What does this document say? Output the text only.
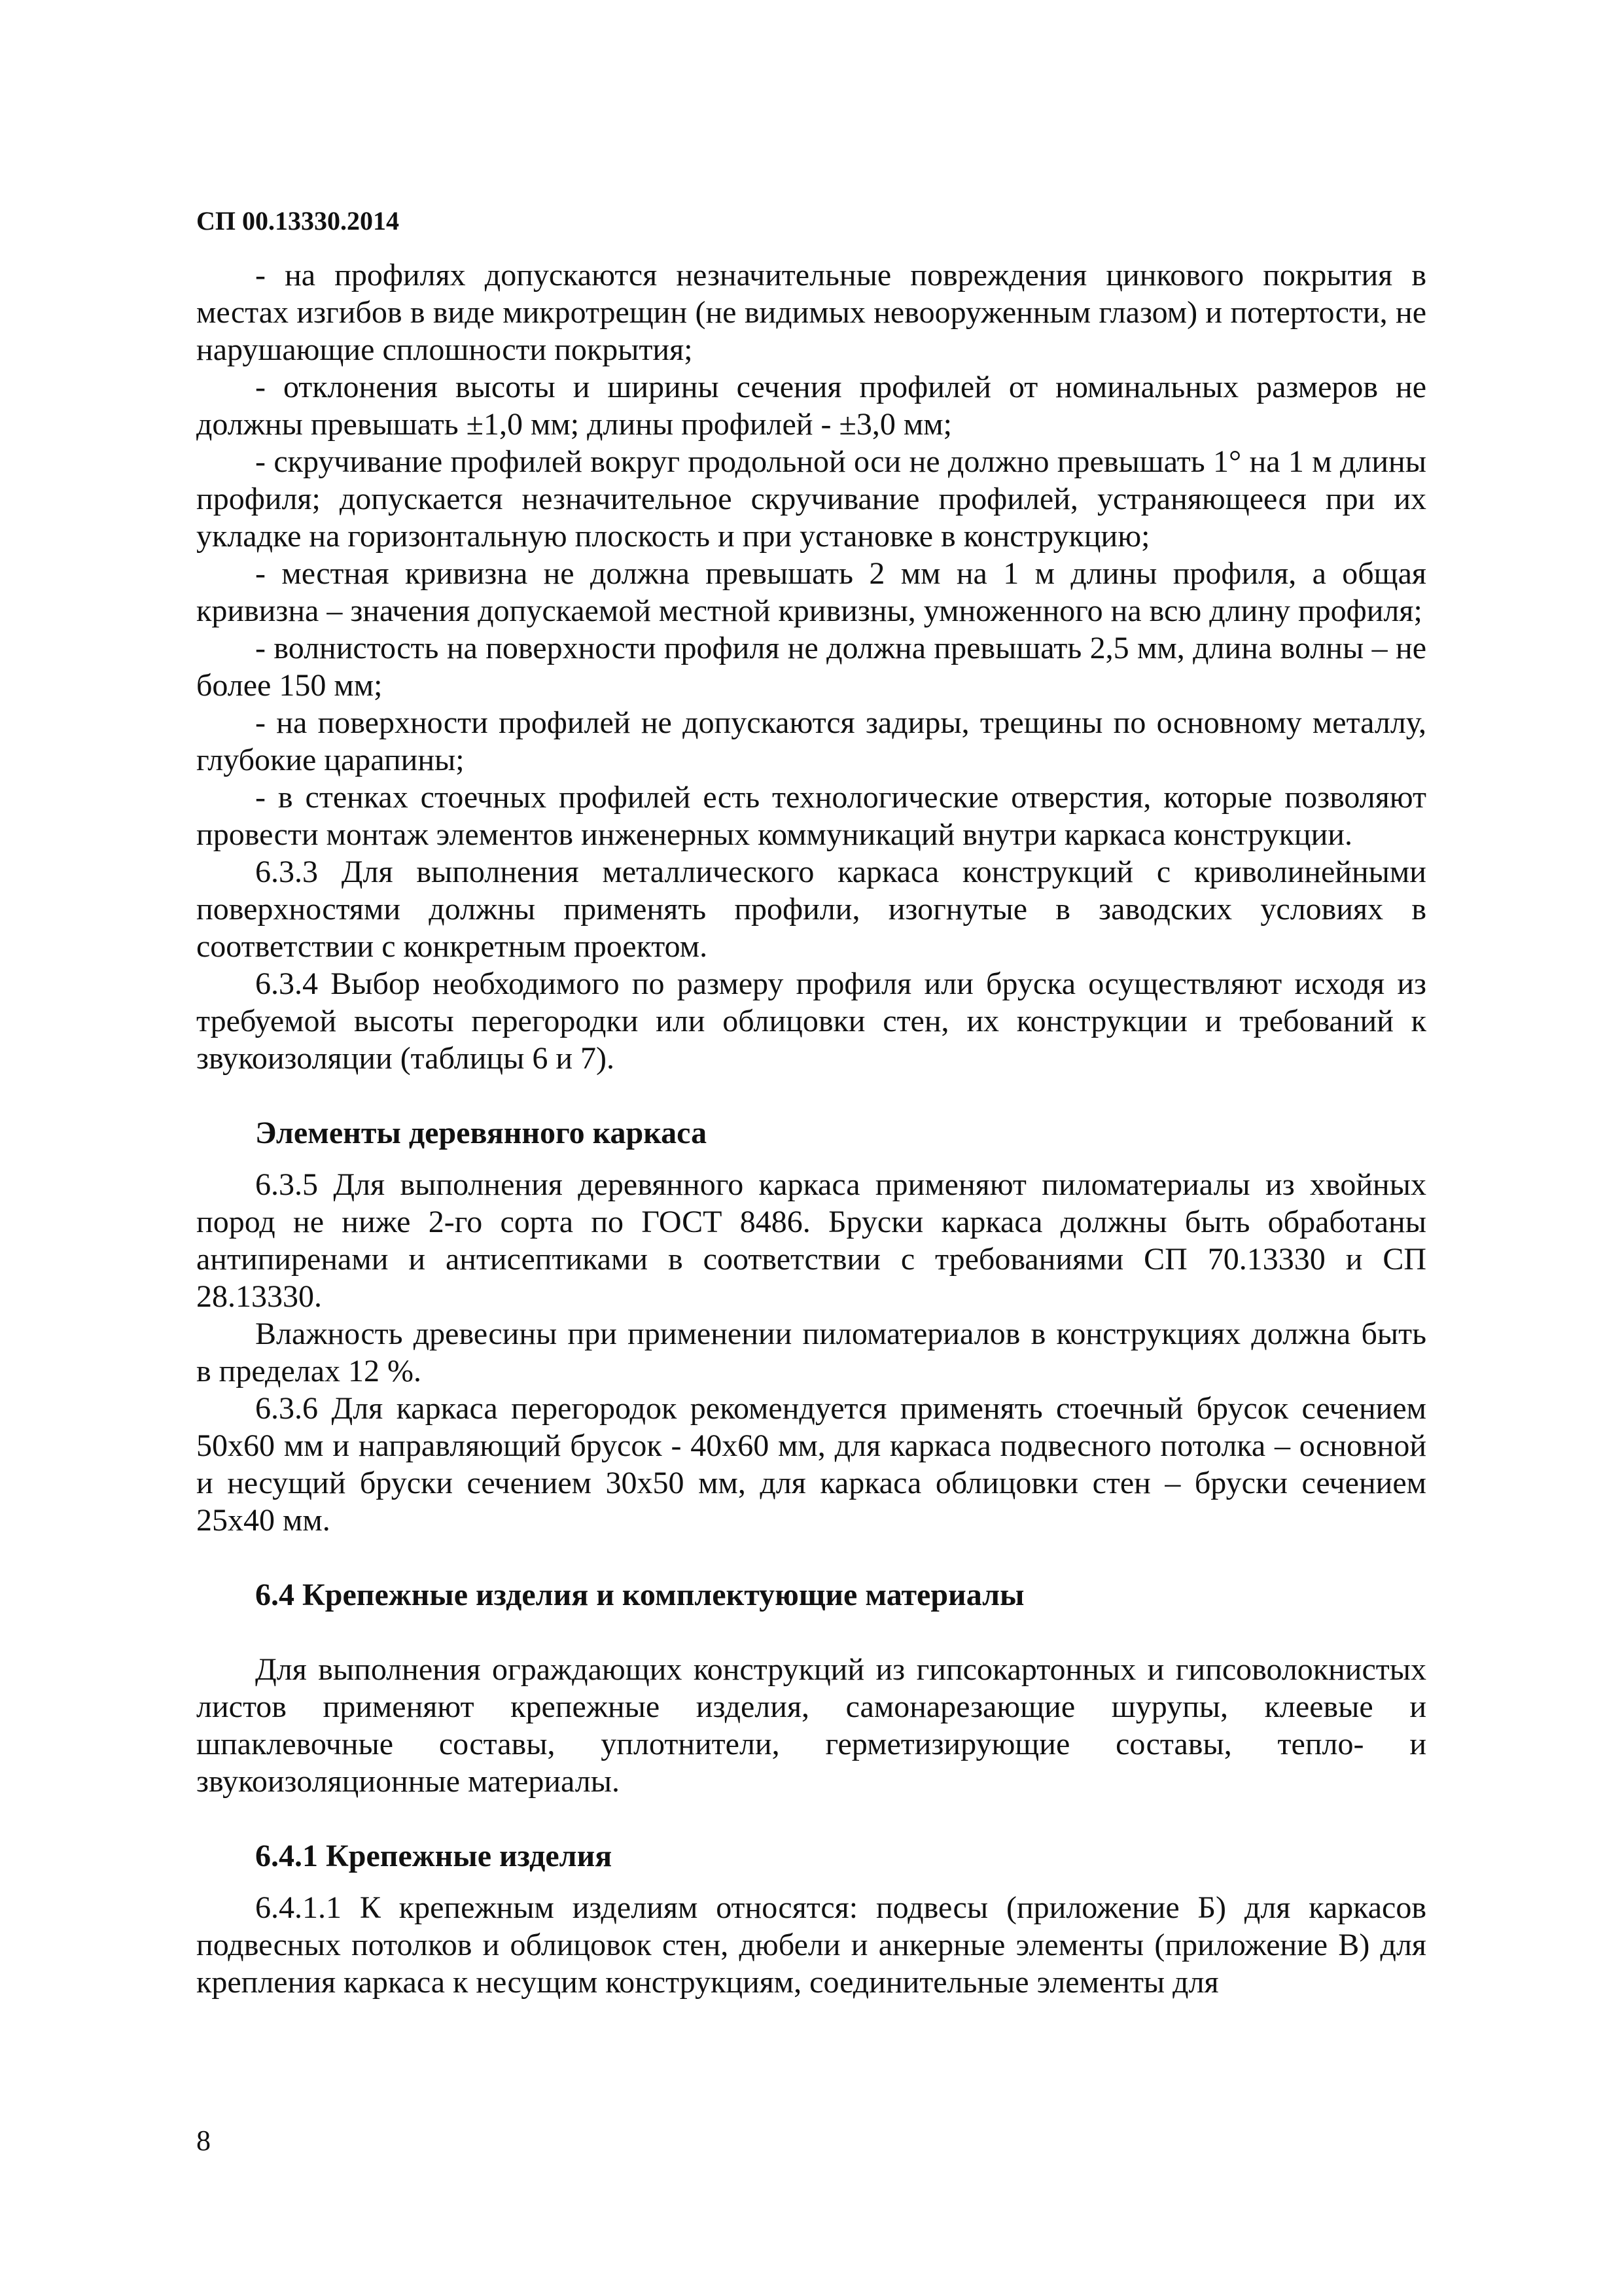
СП 00.13330.2014

- на профилях допускаются незначительные повреждения цинкового покрытия в местах изгибов в виде микротрещин (не видимых невооруженным глазом) и потертости, не нарушающие сплошности покрытия;

- отклонения высоты и ширины сечения профилей от номинальных размеров не должны превышать ±1,0 мм; длины профилей - ±3,0 мм;

- скручивание профилей вокруг продольной оси не должно превышать 1° на 1 м длины профиля; допускается незначительное скручивание профилей, устраняющееся при их укладке на горизонтальную плоскость и при установке в конструкцию;

- местная кривизна не должна превышать 2 мм на 1 м длины профиля, а общая кривизна – значения допускаемой местной кривизны, умноженного на всю длину профиля;

- волнистость на поверхности профиля не должна превышать 2,5 мм, длина волны – не более 150 мм;

- на поверхности профилей не допускаются задиры, трещины по основному металлу, глубокие царапины;

- в стенках стоечных профилей есть технологические отверстия, которые позволяют провести монтаж элементов инженерных коммуникаций внутри каркаса конструкции.

6.3.3 Для выполнения металлического каркаса конструкций с криволинейными поверхностями должны применять профили, изогнутые в заводских условиях в соответствии с конкретным проектом.

6.3.4 Выбор необходимого по размеру профиля или бруска осуществляют исходя из требуемой высоты перегородки или облицовки стен, их конструкции и требований к звукоизоляции (таблицы 6 и 7).

Элементы деревянного каркаса

6.3.5 Для выполнения деревянного каркаса применяют пиломатериалы из хвойных пород не ниже 2-го сорта по ГОСТ 8486. Бруски каркаса должны быть обработаны антипиренами и антисептиками в соответствии с требованиями СП 70.13330 и СП 28.13330.

Влажность древесины при применении пиломатериалов в конструкциях должна быть в пределах 12 %.

6.3.6 Для каркаса перегородок рекомендуется применять стоечный брусок сечением 50х60 мм и направляющий брусок - 40х60 мм, для каркаса подвесного потолка – основной и несущий бруски сечением 30х50 мм, для каркаса облицовки стен – бруски сечением 25х40 мм.

6.4 Крепежные изделия и комплектующие материалы

Для выполнения ограждающих конструкций из гипсокартонных и гипсоволокнистых листов применяют крепежные изделия, самонарезающие шурупы, клеевые и шпаклевочные составы, уплотнители, герметизирующие составы, тепло- и звукоизоляционные материалы.

6.4.1 Крепежные изделия

6.4.1.1 К крепежным изделиям относятся: подвесы (приложение Б) для каркасов подвесных потолков и облицовок стен, дюбели и анкерные элементы (приложение В) для крепления каркаса к несущим конструкциям, соединительные элементы для

8
